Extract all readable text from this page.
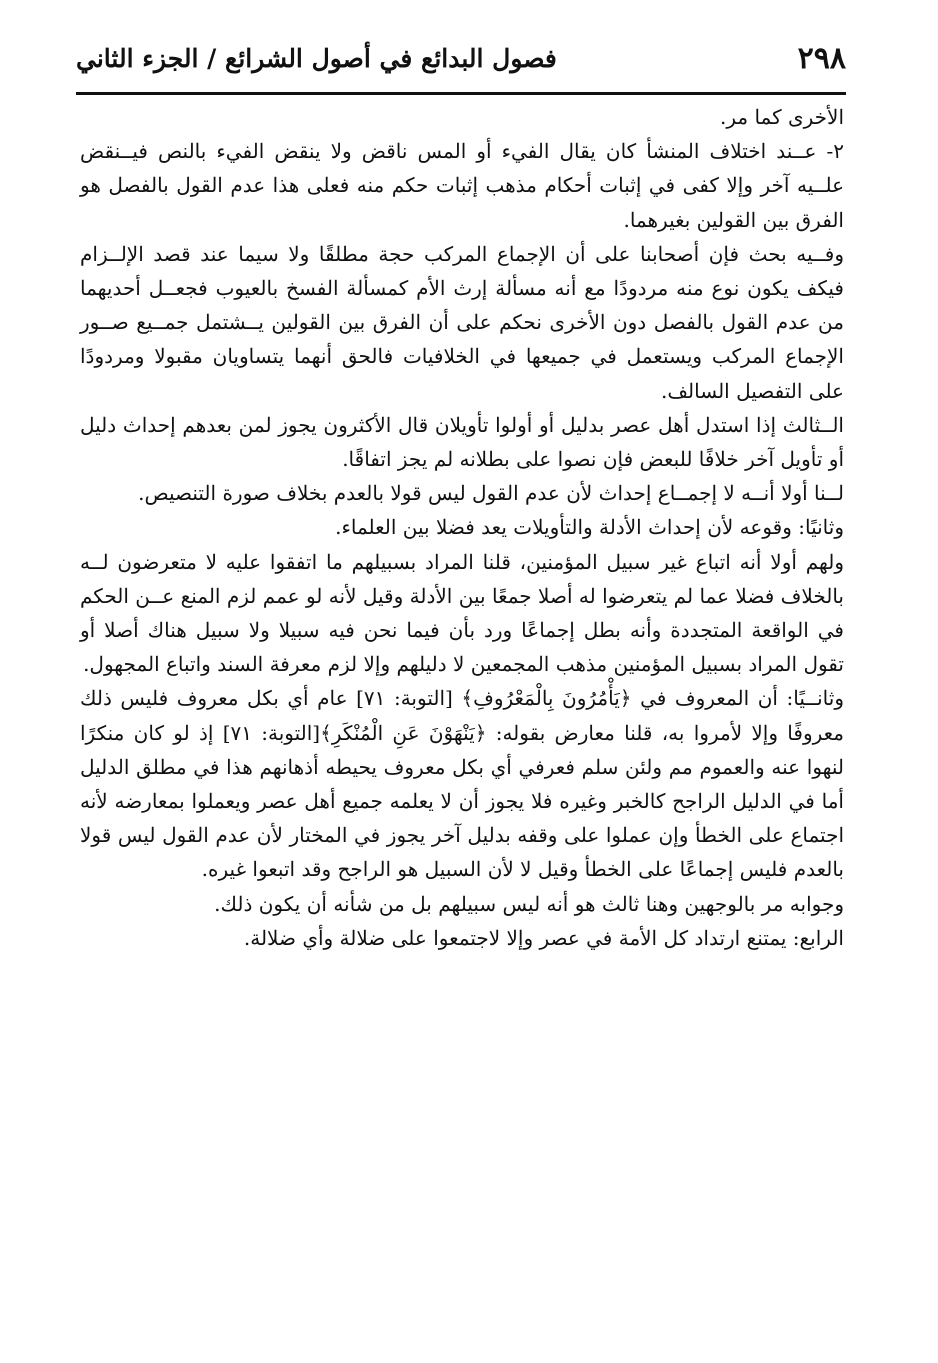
٢٩٨
فصول البدائع في أصول الشرائع / الجزء الثاني

الأخرى كما مر.

٢- عــند اختلاف المنشأ كان يقال الفيء أو المس ناقض ولا ينقض الفيء بالنص فيــنقض علــيه آخر وإلا كفى في إثبات أحكام مذهب إثبات حكم منه فعلى هذا عدم القول بالفصل هو الفرق بين القولين بغيرهما.

وفــيه بحث فإن أصحابنا على أن الإجماع المركب حجة مطلقًا ولا سيما عند قصد الإلــزام فيكف يكون نوع منه مردودًا مع أنه مسألة إرث الأم كمسألة الفسخ بالعيوب فجعــل أحديهما من عدم القول بالفصل دون الأخرى نحكم على أن الفرق بين القولين يــشتمل جمــيع صــور الإجماع المركب ويستعمل في جميعها في الخلافيات فالحق أنهما يتساويان مقبولا ومردودًا على التفصيل السالف.

الــثالث إذا استدل أهل عصر بدليل أو أولوا تأويلان قال الأكثرون يجوز لمن بعدهم إحداث دليل أو تأويل آخر خلافًا للبعض فإن نصوا على بطلانه لم يجز اتفاقًا.

لــنا أولا أنــه لا إجمــاع إحداث لأن عدم القول ليس قولا بالعدم بخلاف صورة التنصيص.

وثانيًا: وقوعه لأن إحداث الأدلة والتأويلات يعد فضلا بين العلماء.

ولهم أولا أنه اتباع غير سبيل المؤمنين، قلنا المراد بسبيلهم ما اتفقوا عليه لا متعرضون لــه بالخلاف فضلا عما لم يتعرضوا له أصلا جمعًا بين الأدلة وقيل لأنه لو عمم لزم المنع عــن الحكم في الواقعة المتجددة وأنه بطل إجماعًا ورد بأن فيما نحن فيه سبيلا ولا سبيل هناك أصلا أو تقول المراد بسبيل المؤمنين مذهب المجمعين لا دليلهم وإلا لزم معرفة السند واتباع المجهول.

وثانــيًا: أن المعروف في ﴿يَأْمُرُونَ بِالْمَعْرُوفِ﴾ [التوبة: ٧١] عام أي بكل معروف فليس ذلك معروفًا وإلا لأمروا به، قلنا معارض بقوله: ﴿يَنْهَوْنَ عَنِ الْمُنْكَرِ﴾[التوبة: ٧١] إذ لو كان منكرًا لنهوا عنه والعموم مم ولئن سلم فعرفي أي بكل معروف يحيطه أذهانهم هذا في مطلق الدليل أما في الدليل الراجح كالخبر وغيره فلا يجوز أن لا يعلمه جميع أهل عصر ويعملوا بمعارضه لأنه اجتماع على الخطأ وإن عملوا على وقفه بدليل آخر يجوز في المختار لأن عدم القول ليس قولا بالعدم فليس إجماعًا على الخطأ وقيل لا لأن السبيل هو الراجح وقد اتبعوا غيره.

وجوابه مر بالوجهين وهنا ثالث هو أنه ليس سبيلهم بل من شأنه أن يكون ذلك.

الرابع: يمتنع ارتداد كل الأمة في عصر وإلا لاجتمعوا على ضلالة وأي ضلالة.
